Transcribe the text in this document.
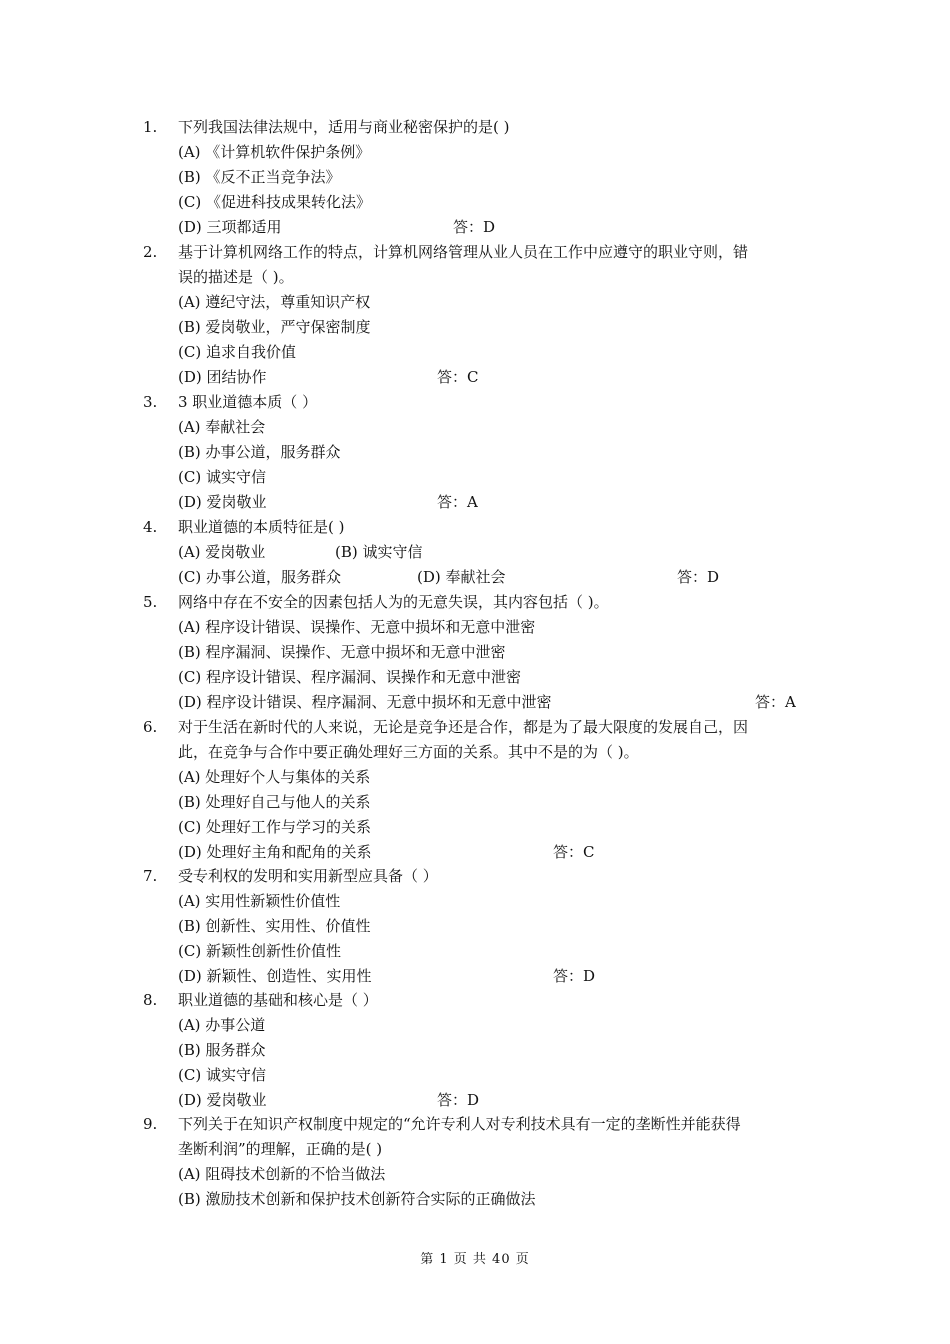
1. 下列我国法律法规中，适用与商业秘密保护的是( )
(A) 《计算机软件保护条例》
(B) 《反不正当竞争法》
(C) 《促进科技成果转化法》
(D) 三项都适用	答：D
2. 基于计算机网络工作的特点，计算机网络管理从业人员在工作中应遵守的职业守则，错
误的描述是（ )。
(A) 遵纪守法，尊重知识产权
(B) 爱岗敬业，严守保密制度
(C) 追求自我价值
(D) 团结协作	答：C
3. 3 职业道德本质（ ）
(A) 奉献社会
(B) 办事公道，服务群众
(C) 诚实守信
(D) 爱岗敬业	答：A
4. 职业道德的本质特征是( )
(A) 爱岗敬业	(B) 诚实守信
(C) 办事公道，服务群众	(D) 奉献社会	答：D
5. 网络中存在不安全的因素包括人为的无意失误，其内容包括（ )。
(A) 程序设计错误、误操作、无意中损坏和无意中泄密
(B) 程序漏洞、误操作、无意中损坏和无意中泄密
(C) 程序设计错误、程序漏洞、误操作和无意中泄密
(D) 程序设计错误、程序漏洞、无意中损坏和无意中泄密	答：A
6. 对于生活在新时代的人来说，无论是竞争还是合作，都是为了最大限度的发展自己，因
此，在竞争与合作中要正确处理好三方面的关系。其中不是的为（ )。
(A) 处理好个人与集体的关系
(B) 处理好自己与他人的关系
(C) 处理好工作与学习的关系
(D) 处理好主角和配角的关系	答：C
7. 受专利权的发明和实用新型应具备（ ）
(A) 实用性新颖性价值性
(B) 创新性、实用性、价值性
(C) 新颖性创新性价值性
(D) 新颖性、创造性、实用性	答：D
8. 职业道德的基础和核心是（ ）
(A) 办事公道
(B) 服务群众
(C) 诚实守信
(D) 爱岗敬业	答：D
9. 下列关于在知识产权制度中规定的“允许专利人对专利技术具有一定的垄断性并能获得
垄断利润”的理解，正确的是( )
(A) 阻碍技术创新的不恰当做法
(B) 激励技术创新和保护技术创新符合实际的正确做法
第 1 页 共 40 页
